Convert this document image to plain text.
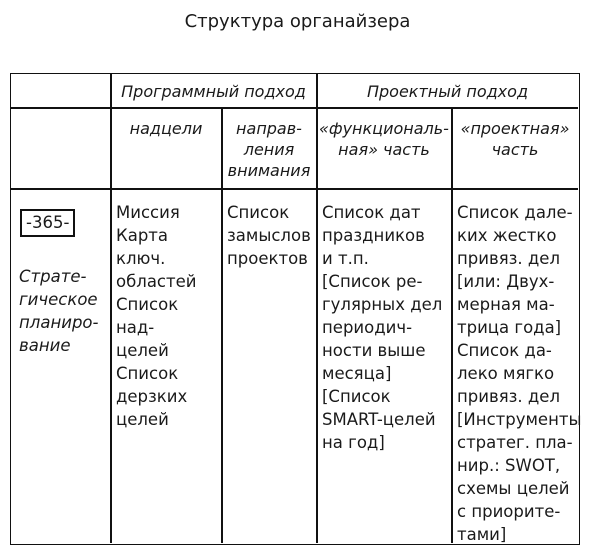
Структура органайзера
Программный подход	Проектный подход
надцели	направ-
ления
внимания
«функциональ-
ная» часть
«проектная»
часть
-365-
Страте-
гическое
планиро-
вание
Миссия
Карта ключ.
областей
Список над-
целей
Список
дерзких
целей
Список
замыслов
проектов
Список дат
праздников
и т.п.
[Список ре-
гулярных дел
периодич-
ности выше
месяца]
[Список
SMART-целей
на год]
Список дале-
ких жестко
привяз. дел
[или: Двух-
мерная ма-
трица года]
Список да-
леко мягко
привяз. дел
[Инструменты
стратег. пла-
нир.: SWOT,
схемы целей
с приорите-
тами]
